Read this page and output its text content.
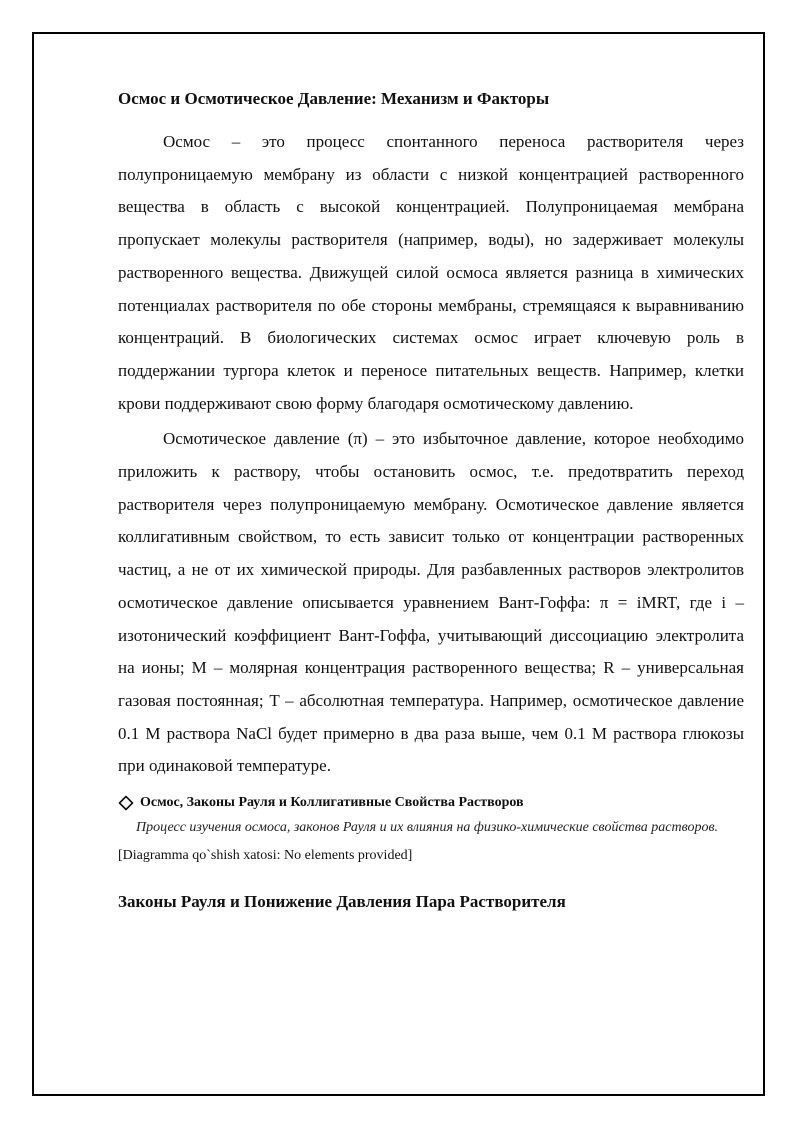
Осмос и Осмотическое Давление: Механизм и Факторы

Осмос – это процесс спонтанного переноса растворителя через полупроницаемую мембрану из области с низкой концентрацией растворенного вещества в область с высокой концентрацией. Полупроницаемая мембрана пропускает молекулы растворителя (например, воды), но задерживает молекулы растворенного вещества. Движущей силой осмоса является разница в химических потенциалах растворителя по обе стороны мембраны, стремящаяся к выравниванию концентраций. В биологических системах осмос играет ключевую роль в поддержании тургора клеток и переносе питательных веществ. Например, клетки крови поддерживают свою форму благодаря осмотическому давлению.

Осмотическое давление (π) – это избыточное давление, которое необходимо приложить к раствору, чтобы остановить осмос, т.е. предотвратить переход растворителя через полупроницаемую мембрану. Осмотическое давление является коллигативным свойством, то есть зависит только от концентрации растворенных частиц, а не от их химической природы. Для разбавленных растворов электролитов осмотическое давление описывается уравнением Вант-Гоффа: π = iMRT, где i – изотонический коэффициент Вант-Гоффа, учитывающий диссоциацию электролита на ионы; M – молярная концентрация растворенного вещества; R – универсальная газовая постоянная; T – абсолютная температура. Например, осмотическое давление 0.1 M раствора NaCl будет примерно в два раза выше, чем 0.1 M раствора глюкозы при одинаковой температуре.

Осмос, Законы Рауля и Коллигативные Свойства Растворов
Процесс изучения осмоса, законов Рауля и их влияния на физико-химические свойства растворов.
[Diagramma qo`shish xatosi: No elements provided]
Законы Рауля и Понижение Давления Пара Растворителя
